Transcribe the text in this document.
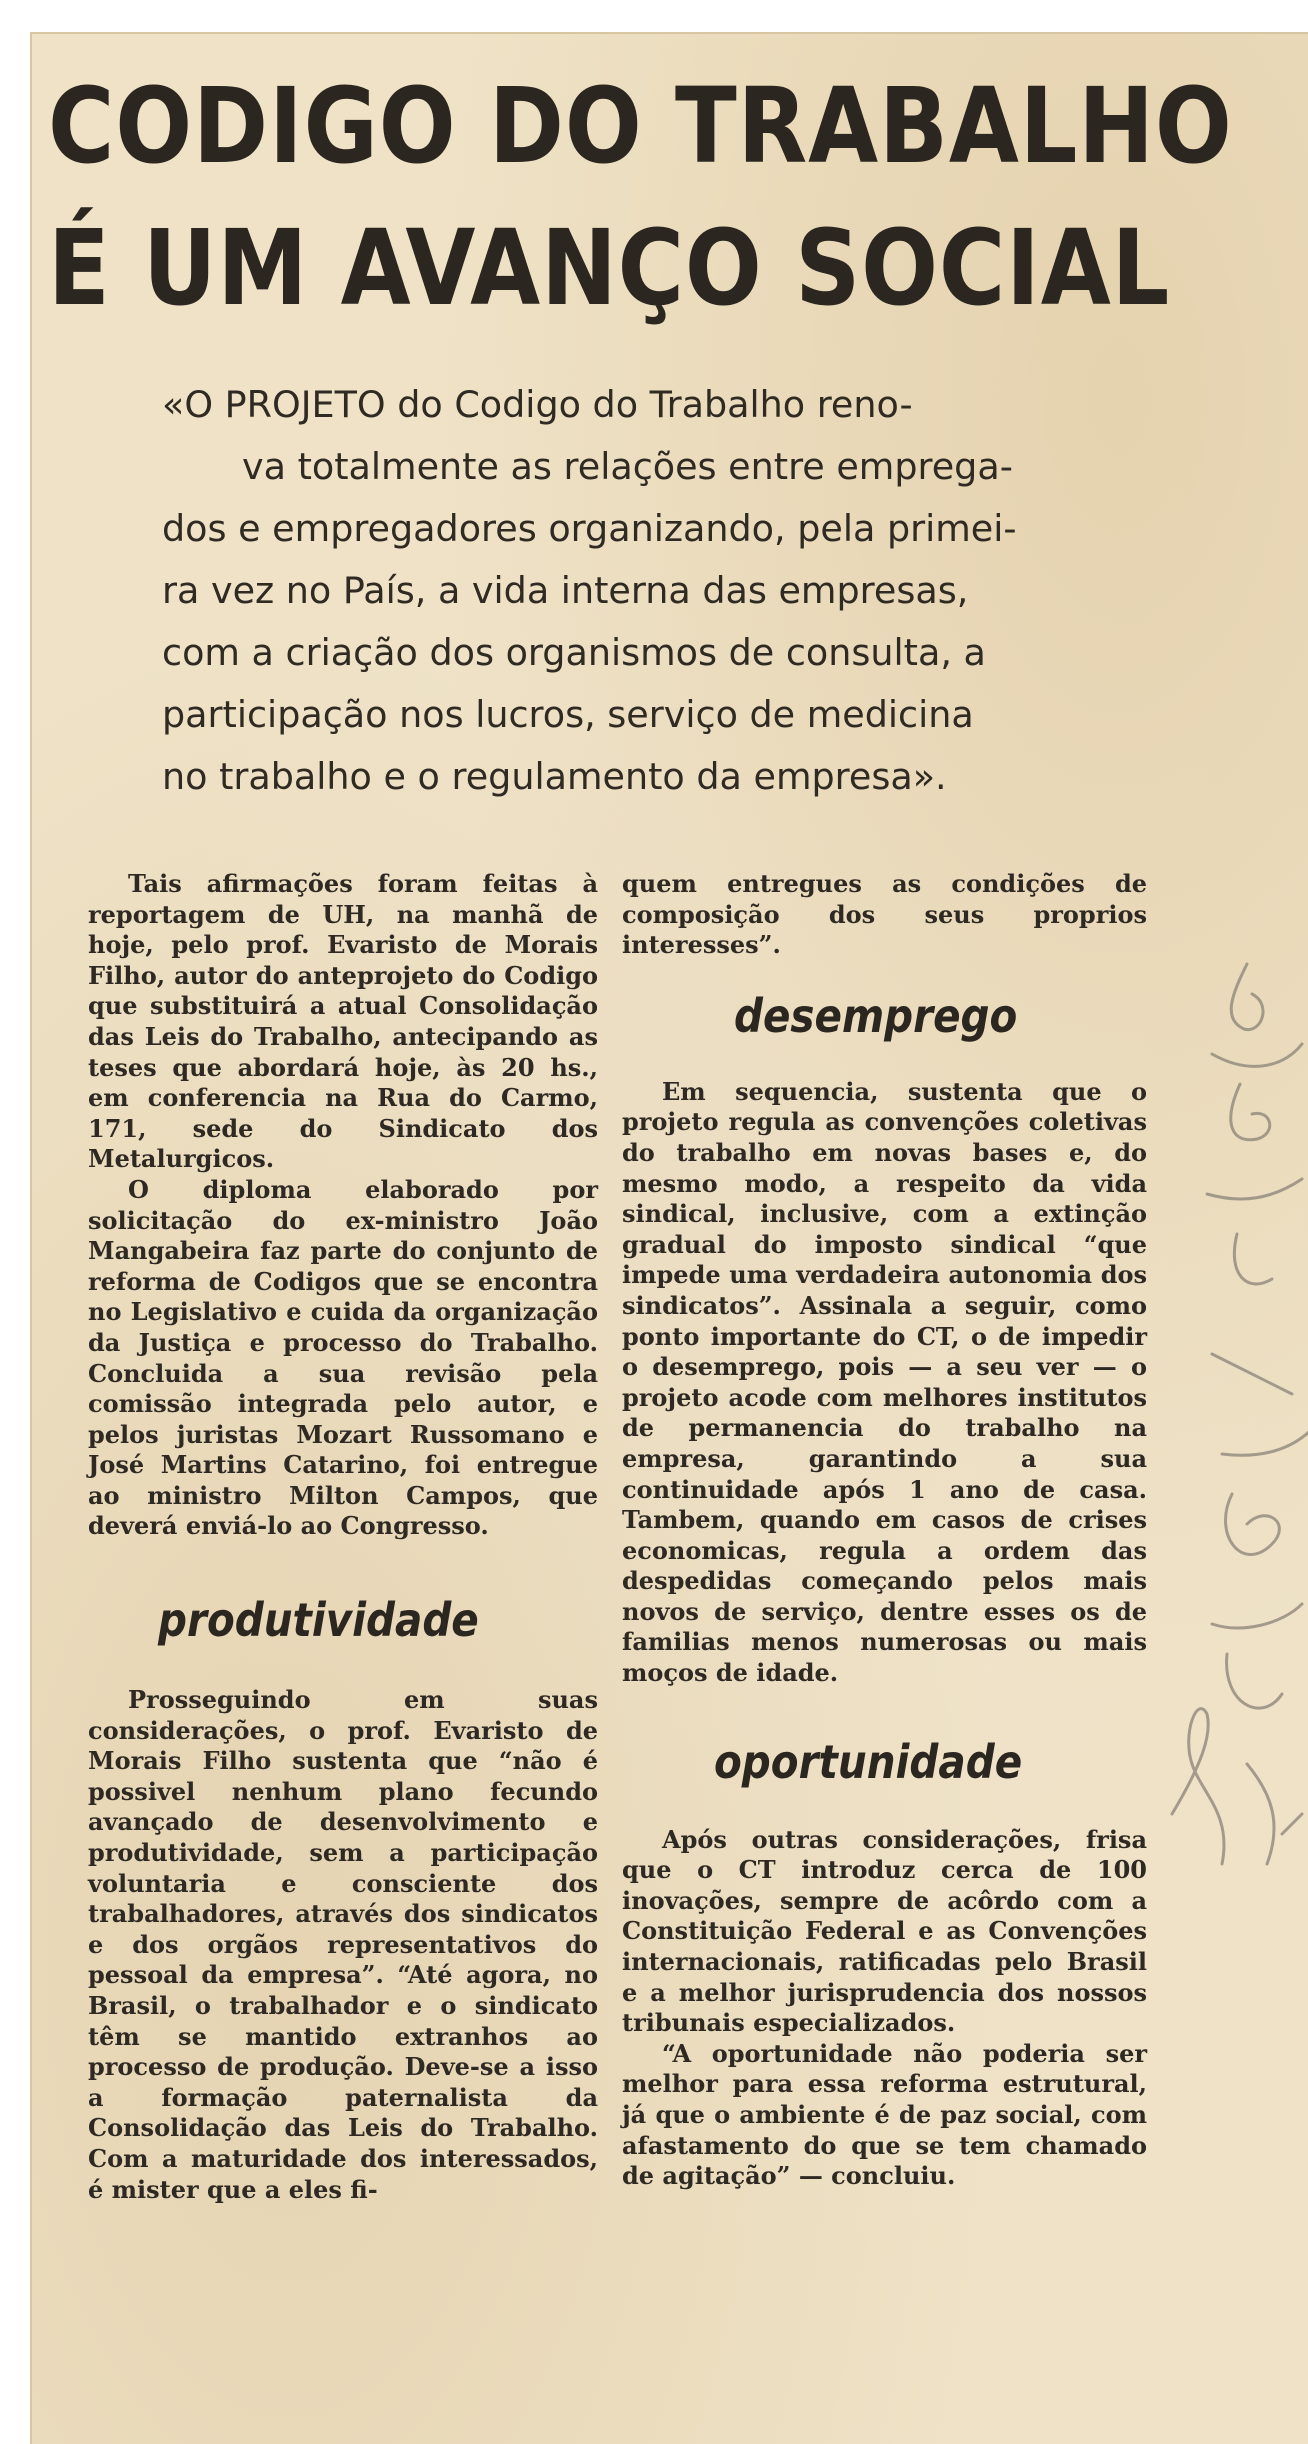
CODIGO DO TRABALHO
É UM AVANÇO SOCIAL
«O PROJETO do Codigo do Trabalho reno-
va totalmente as relações entre emprega-
dos e empregadores organizando, pela primei-
ra vez no País, a vida interna das empresas,
com a criação dos organismos de consulta, a
participação nos lucros, serviço de medicina
no trabalho e o regulamento da empresa».

Tais afirmações foram feitas à reportagem de UH, na manhã de hoje, pelo prof. Evaristo de Morais Filho, autor do anteprojeto do Codigo que substituirá a atual Consolidação das Leis do Trabalho, antecipando as teses que abordará hoje, às 20 hs., em conferencia na Rua do Carmo, 171, sede do Sindicato dos Metalurgicos.

O diploma elaborado por solicitação do ex-ministro João Mangabeira faz parte do conjunto de reforma de Codigos que se encontra no Legislativo e cuida da organização da Justiça e processo do Trabalho. Concluida a sua revisão pela comissão integrada pelo autor, e pelos juristas Mozart Russomano e José Martins Catarino, foi entregue ao ministro Milton Campos, que deverá enviá-lo ao Congresso.

produtividade

Prosseguindo em suas considerações, o prof. Evaristo de Morais Filho sustenta que “não é possivel nenhum plano fecundo avançado de desenvolvimento e produtividade, sem a participação voluntaria e consciente dos trabalhadores, através dos sindicatos e dos orgãos representativos do pessoal da empresa”. “Até agora, no Brasil, o trabalhador e o sindicato têm se mantido extranhos ao processo de produção. Deve-se a isso a formação paternalista da Consolidação das Leis do Trabalho. Com a maturidade dos interessados, é mister que a eles fi-

quem entregues as condições de composição dos seus proprios interesses”.

desemprego

Em sequencia, sustenta que o projeto regula as convenções coletivas do trabalho em novas bases e, do mesmo modo, a respeito da vida sindical, inclusive, com a extinção gradual do imposto sindical “que impede uma verdadeira autonomia dos sindicatos”. Assinala a seguir, como ponto importante do CT, o de impedir o desemprego, pois — a seu ver — o projeto acode com melhores institutos de permanencia do trabalho na empresa, garantindo a sua continuidade após 1 ano de casa. Tambem, quando em casos de crises economicas, regula a ordem das despedidas começando pelos mais novos de serviço, dentre esses os de familias menos numerosas ou mais moços de idade.

oportunidade

Após outras considerações, frisa que o CT introduz cerca de 100 inovações, sempre de acôrdo com a Constituição Federal e as Convenções internacionais, ratificadas pelo Brasil e a melhor jurisprudencia dos nossos tribunais especializados.

“A oportunidade não poderia ser melhor para essa reforma estrutural, já que o ambiente é de paz social, com afastamento do que se tem chamado de agitação” — concluiu.
